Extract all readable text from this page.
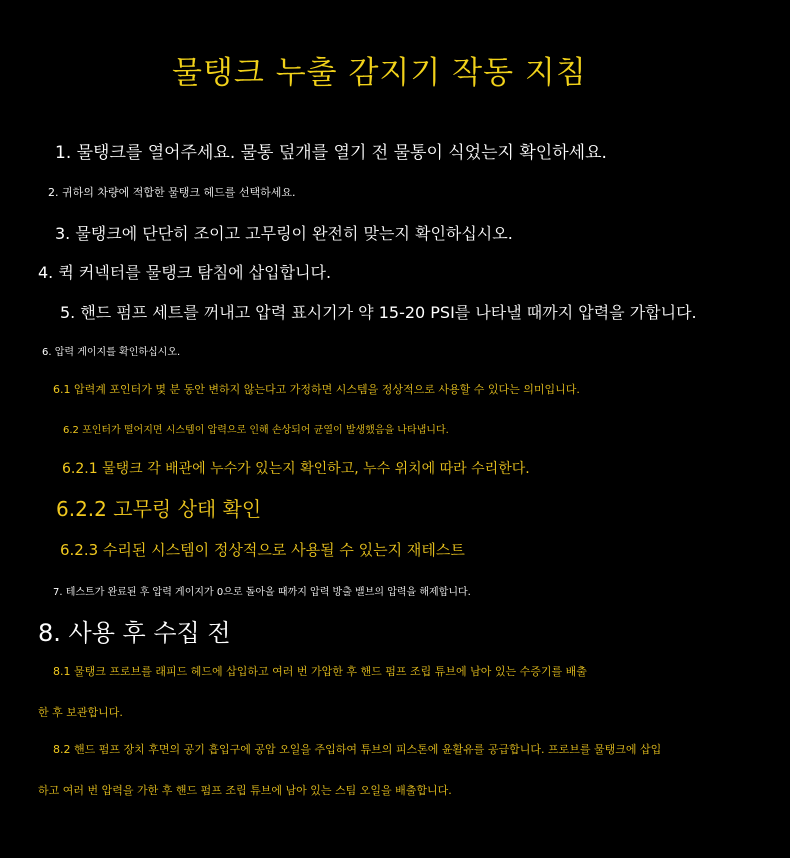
물탱크 누출 감지기 작동 지침
1. 물탱크를 열어주세요. 물통 덮개를 열기 전 물통이 식었는지 확인하세요.
2. 귀하의 차량에 적합한 물탱크 헤드를 선택하세요.
3. 물탱크에 단단히 조이고 고무링이 완전히 맞는지 확인하십시오.
4. 퀵 커넥터를 물탱크 탐침에 삽입합니다.
5. 핸드 펌프 세트를 꺼내고 압력 표시기가 약 15-20 PSI를 나타낼 때까지 압력을 가합니다.
6. 압력 게이지를 확인하십시오.
6.1 압력계 포인터가 몇 분 동안 변하지 않는다고 가정하면 시스템을 정상적으로 사용할 수 있다는 의미입니다.
6.2 포인터가 떨어지면 시스템이 압력으로 인해 손상되어 균열이 발생했음을 나타냅니다.
6.2.1 물탱크 각 배관에 누수가 있는지 확인하고, 누수 위치에 따라 수리한다.
6.2.2 고무링 상태 확인
6.2.3 수리된 시스템이 정상적으로 사용될 수 있는지 재테스트
7. 테스트가 완료된 후 압력 게이지가 0으로 돌아올 때까지 압력 방출 밸브의 압력을 해제합니다.
8. 사용 후 수집 전
8.1 물탱크 프로브를 래피드 헤드에 삽입하고 여러 번 가압한 후 핸드 펌프 조립 튜브에 남아 있는 수증기를 배출
한 후 보관합니다.
8.2 핸드 펌프 장치 후면의 공기 흡입구에 공압 오일을 주입하여 튜브의 피스톤에 윤활유를 공급합니다. 프로브를 물탱크에 삽입
하고 여러 번 압력을 가한 후 핸드 펌프 조립 튜브에 남아 있는 스팀 오일을 배출합니다.
